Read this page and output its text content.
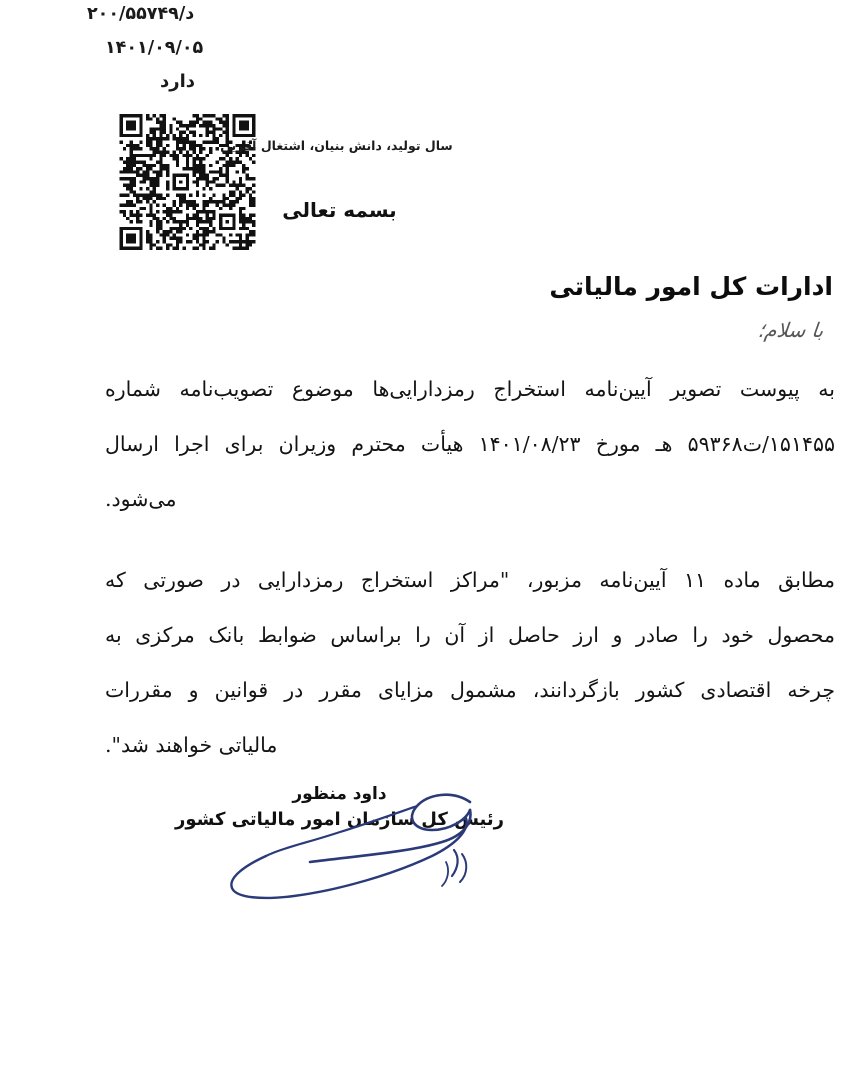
د/۲۰۰/۵۵۷۴۹
۱۴۰۱/۰۹/۰۵
دارد
سال تولید، دانش بنیان، اشتغال آفرین
بسمه تعالی
ادارات کل امور مالیاتی
با سلام؛

به پیوست تصویر آیین‌نامه استخراج رمزدارایی‌ها موضوع تصویب‌نامه شماره
۱۵۱۴۵۵/ت۵۹۳۶۸ هـ مورخ ۱۴۰۱/۰۸/۲۳ هیأت محترم وزیران برای اجرا ارسال
می‌شود.

مطابق ماده ۱۱ آیین‌نامه مزبور، "مراکز استخراج رمزدارایی در صورتی که
محصول خود را صادر و ارز حاصل از آن را براساس ضوابط بانک مرکزی به
چرخه اقتصادی کشور بازگردانند، مشمول مزایای مقرر در قوانین و مقررات
مالیاتی خواهند شد".

داود منظور
رئیس کل سازمان امور مالیاتی کشور
